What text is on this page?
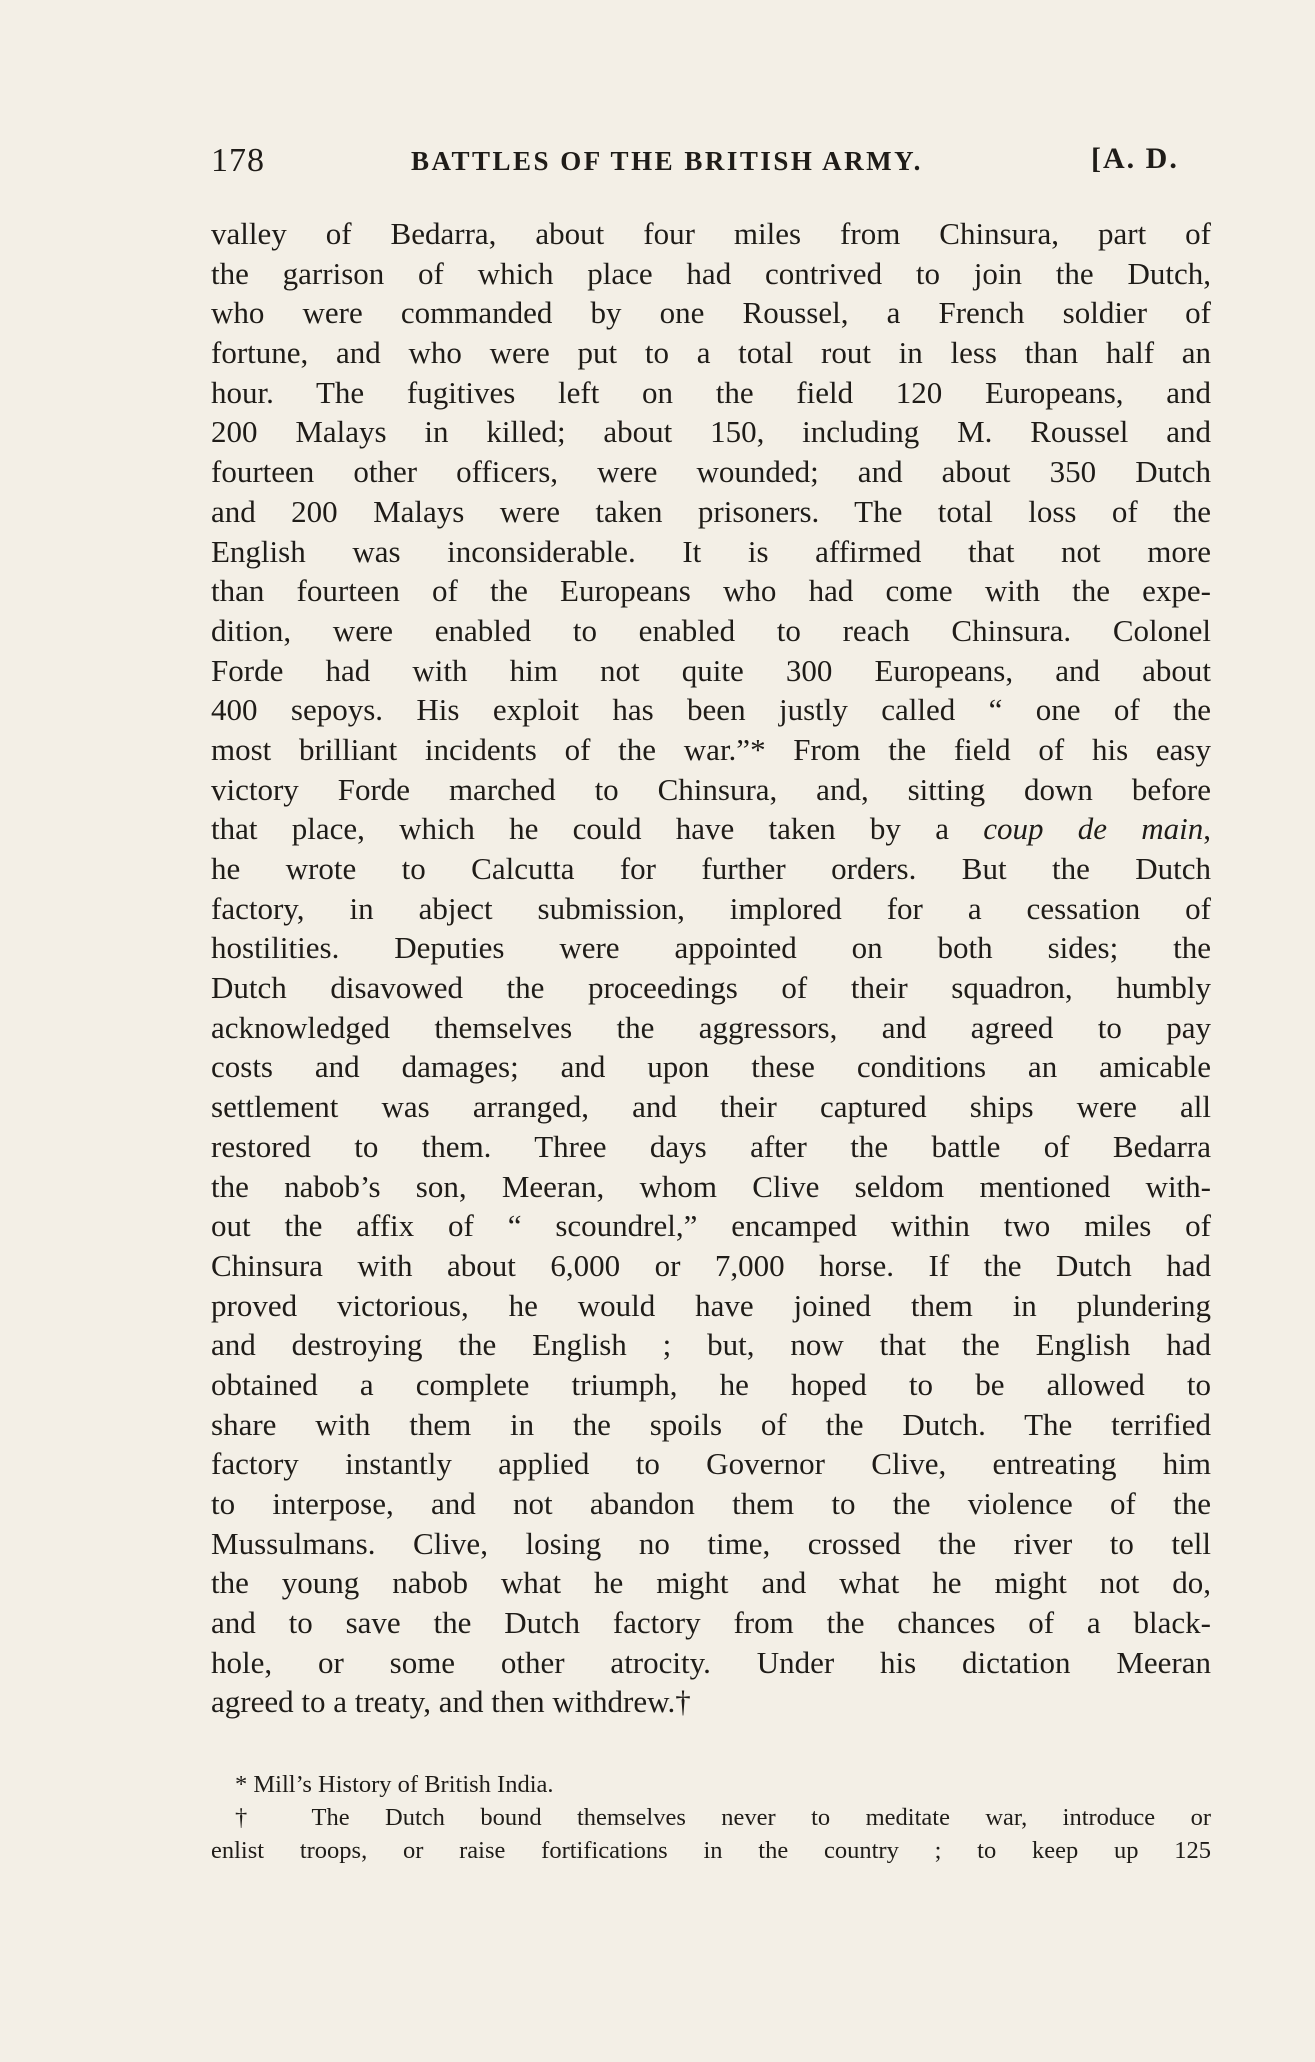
178	BATTLES OF THE BRITISH ARMY.	[A. D.
valley of Bedarra, about four miles from Chinsura, part of
the garrison of which place had contrived to join the Dutch,
who were commanded by one Roussel, a French soldier of
fortune, and who were put to a total rout in less than half an
hour. The fugitives left on the field 120 Europeans, and
200 Malays in killed; about 150, including M. Roussel and
fourteen other officers, were wounded; and about 350 Dutch
and 200 Malays were taken prisoners. The total loss of the
English was inconsiderable. It is affirmed that not more
than fourteen of the Europeans who had come with the expe-
dition, were enabled to enabled to reach Chinsura. Colonel
Forde had with him not quite 300 Europeans, and about
400 sepoys. His exploit has been justly called “ one of the
most brilliant incidents of the war.”* From the field of his easy
victory Forde marched to Chinsura, and, sitting down before
that place, which he could have taken by a coup de main,
he wrote to Calcutta for further orders. But the Dutch
factory, in abject submission, implored for a cessation of
hostilities. Deputies were appointed on both sides; the
Dutch disavowed the proceedings of their squadron, humbly
acknowledged themselves the aggressors, and agreed to pay
costs and damages; and upon these conditions an amicable
settlement was arranged, and their captured ships were all
restored to them. Three days after the battle of Bedarra
the nabob’s son, Meeran, whom Clive seldom mentioned with-
out the affix of “ scoundrel,” encamped within two miles of
Chinsura with about 6,000 or 7,000 horse. If the Dutch had
proved victorious, he would have joined them in plundering
and destroying the English ; but, now that the English had
obtained a complete triumph, he hoped to be allowed to
share with them in the spoils of the Dutch. The terrified
factory instantly applied to Governor Clive, entreating him
to interpose, and not abandon them to the violence of the
Mussulmans. Clive, losing no time, crossed the river to tell
the young nabob what he might and what he might not do,
and to save the Dutch factory from the chances of a black-
hole, or some other atrocity. Under his dictation Meeran
agreed to a treaty, and then withdrew.†
* Mill’s History of British India.
† The Dutch bound themselves never to meditate war, introduce or
enlist troops, or raise fortifications in the country ; to keep up 125
